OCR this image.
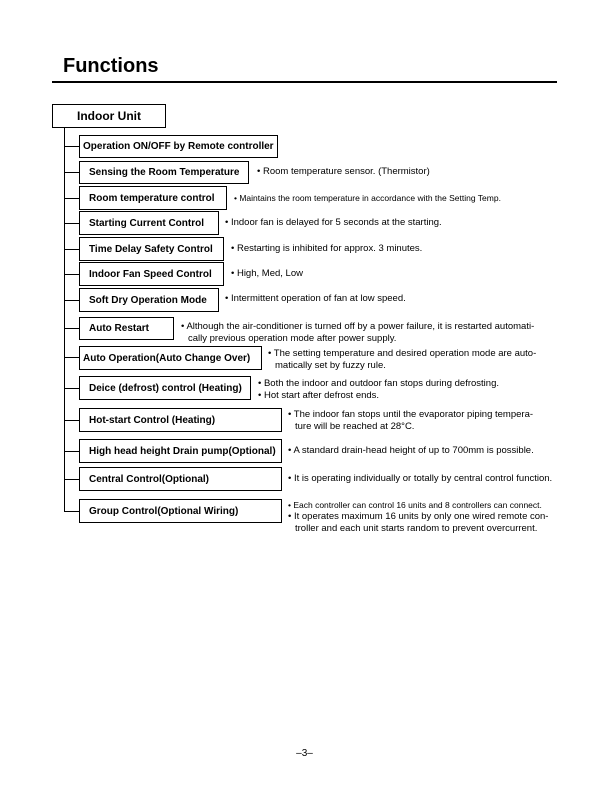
Functions
Indoor Unit
Operation ON/OFF by Remote controller
Sensing the Room Temperature • Room temperature sensor. (Thermistor)
Room temperature control • Maintains the room temperature in accordance with the Setting Temp.
Starting Current Control • Indoor fan is delayed for 5 seconds at the starting.
Time Delay Safety Control • Restarting is inhibited for approx. 3 minutes.
Indoor Fan Speed Control • High, Med, Low
Soft Dry Operation Mode • Intermittent operation of fan at low speed.
Auto Restart	• Although the air-conditioner is turned off by a power failure, it is restarted automati-
cally previous operation mode after power supply.
Auto Operation(Auto Change Over) • The setting temperature and desired operation mode are auto-
matically set by fuzzy rule.
Deice (defrost) control (Heating) • Both the indoor and outdoor fan stops during defrosting.
• Hot start after defrost ends.
Hot-start Control (Heating)	• The indoor fan stops until the evaporator piping tempera-
ture will be reached at 28°C.
High head height Drain pump(Optional) • A standard drain-head height of up to 700mm is possible.
Central Control(Optional)	• It is operating individually or totally by central control function.
Group Control(Optional Wiring)
• Each controller can control 16 units and 8 controllers can connect.
• It operates maximum 16 units by only one wired remote con-
troller and each unit starts random to prevent overcurrent.
–3–
